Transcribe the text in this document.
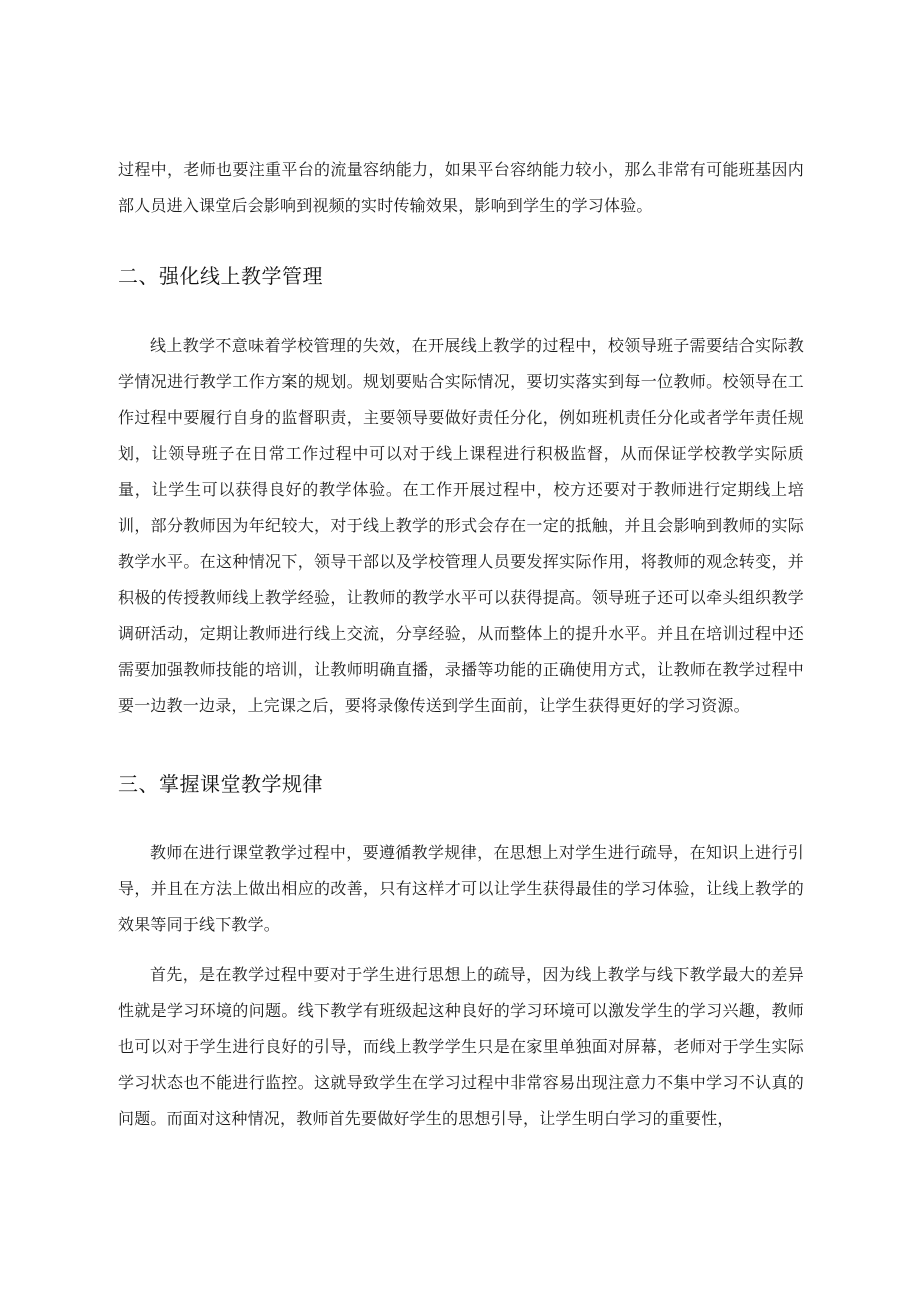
过程中，老师也要注重平台的流量容纳能力，如果平台容纳能力较小，那么非常有可能班基因内部人员进入课堂后会影响到视频的实时传输效果，影响到学生的学习体验。

二、强化线上教学管理

线上教学不意味着学校管理的失效，在开展线上教学的过程中，校领导班子需要结合实际教学情况进行教学工作方案的规划。规划要贴合实际情况，要切实落实到每一位教师。校领导在工作过程中要履行自身的监督职责，主要领导要做好责任分化，例如班机责任分化或者学年责任规划，让领导班子在日常工作过程中可以对于线上课程进行积极监督，从而保证学校教学实际质量，让学生可以获得良好的教学体验。在工作开展过程中，校方还要对于教师进行定期线上培训，部分教师因为年纪较大，对于线上教学的形式会存在一定的抵触，并且会影响到教师的实际教学水平。在这种情况下，领导干部以及学校管理人员要发挥实际作用，将教师的观念转变，并积极的传授教师线上教学经验，让教师的教学水平可以获得提高。领导班子还可以牵头组织教学调研活动，定期让教师进行线上交流，分享经验，从而整体上的提升水平。并且在培训过程中还需要加强教师技能的培训，让教师明确直播，录播等功能的正确使用方式，让教师在教学过程中要一边教一边录，上完课之后，要将录像传送到学生面前，让学生获得更好的学习资源。

三、掌握课堂教学规律

教师在进行课堂教学过程中，要遵循教学规律，在思想上对学生进行疏导，在知识上进行引导，并且在方法上做出相应的改善，只有这样才可以让学生获得最佳的学习体验，让线上教学的效果等同于线下教学。

首先，是在教学过程中要对于学生进行思想上的疏导，因为线上教学与线下教学最大的差异性就是学习环境的问题。线下教学有班级起这种良好的学习环境可以激发学生的学习兴趣，教师也可以对于学生进行良好的引导，而线上教学学生只是在家里单独面对屏幕，老师对于学生实际学习状态也不能进行监控。这就导致学生在学习过程中非常容易出现注意力不集中学习不认真的问题。而面对这种情况，教师首先要做好学生的思想引导，让学生明白学习的重要性，
